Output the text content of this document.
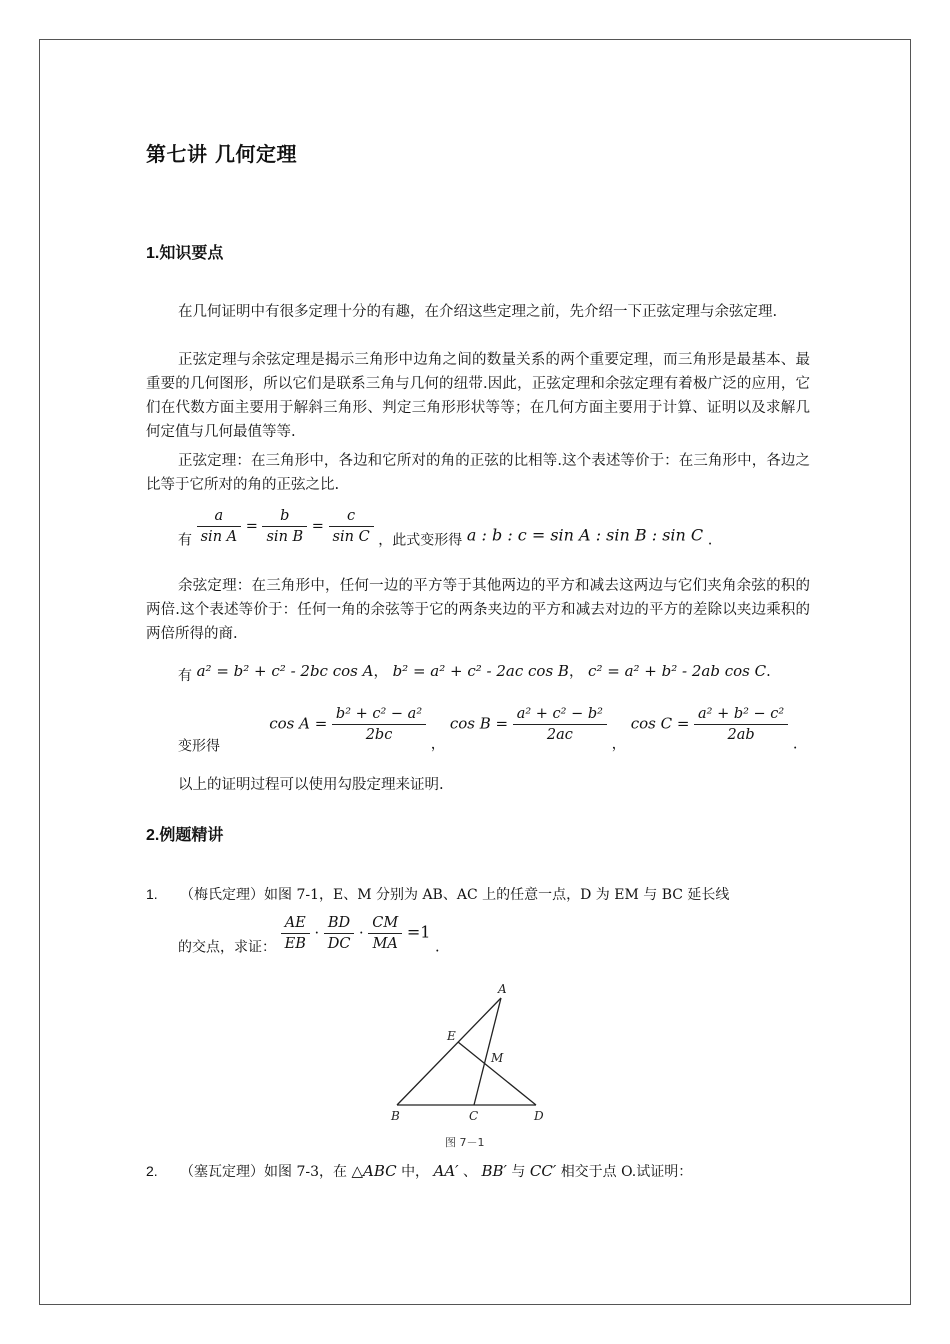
第七讲 几何定理
1.知识要点
在几何证明中有很多定理十分的有趣，在介绍这些定理之前，先介绍一下正弦定理与余弦定理.
正弦定理与余弦定理是揭示三角形中边角之间的数量关系的两个重要定理，而三角形是最基本、最重要的几何图形，所以它们是联系三角与几何的纽带.因此，正弦定理和余弦定理有着极广泛的应用，它们在代数方面主要用于解斜三角形、判定三角形形状等等；在几何方面主要用于计算、证明以及求解几何定值与几何最值等等.
正弦定理：在三角形中，各边和它所对的角的正弦的比相等.这个表述等价于：在三角形中，各边之比等于它所对的角的正弦之比.
有 $\frac{a}{\text{sin A}} = \frac{b}{\text{sin B}} = \frac{c}{\text{sin C}}$ ，此式变形得 a : b : c = sin A : sin B : sin C .
余弦定理：在三角形中，任何一边的平方等于其他两边的平方和减去这两边与它们夹角余弦的积的两倍.这个表述等价于：任何一角的余弦等于它的两条夹边的平方和减去对边的平方的差除以夹边乘积的两倍所得的商.
有 a² = b² + c² - 2bc cos A， b² = a² + c² - 2ac cos B， c² = a² + b² - 2ab cos C.
变形得  $\cos A = \frac{\text{b² + c² − a²}}{2bc}$
， $\cos B = \frac{\text{a² + c² − b²}}{2ac}$
， $\cos C = \frac{\text{a² + b² − c²}}{2ab}$
.
以上的证明过程可以使用勾股定理来证明.
2.例题精讲
1. （梅氏定理）如图 7-1，E、M 分别为 AB、AC 上的任意一点，D 为 EM 与 BC 延长线
的交点，求证： $\frac{AE}{EB} \cdot \frac{BD}{DC} \cdot \frac{CM}{MA} =1$ .
A
E
M
B	C	D
图 7－1
2. （塞瓦定理）如图 7-3，在 △ABC 中， AA′ 、 BB′ 与 CC′ 相交于点 O.试证明：
